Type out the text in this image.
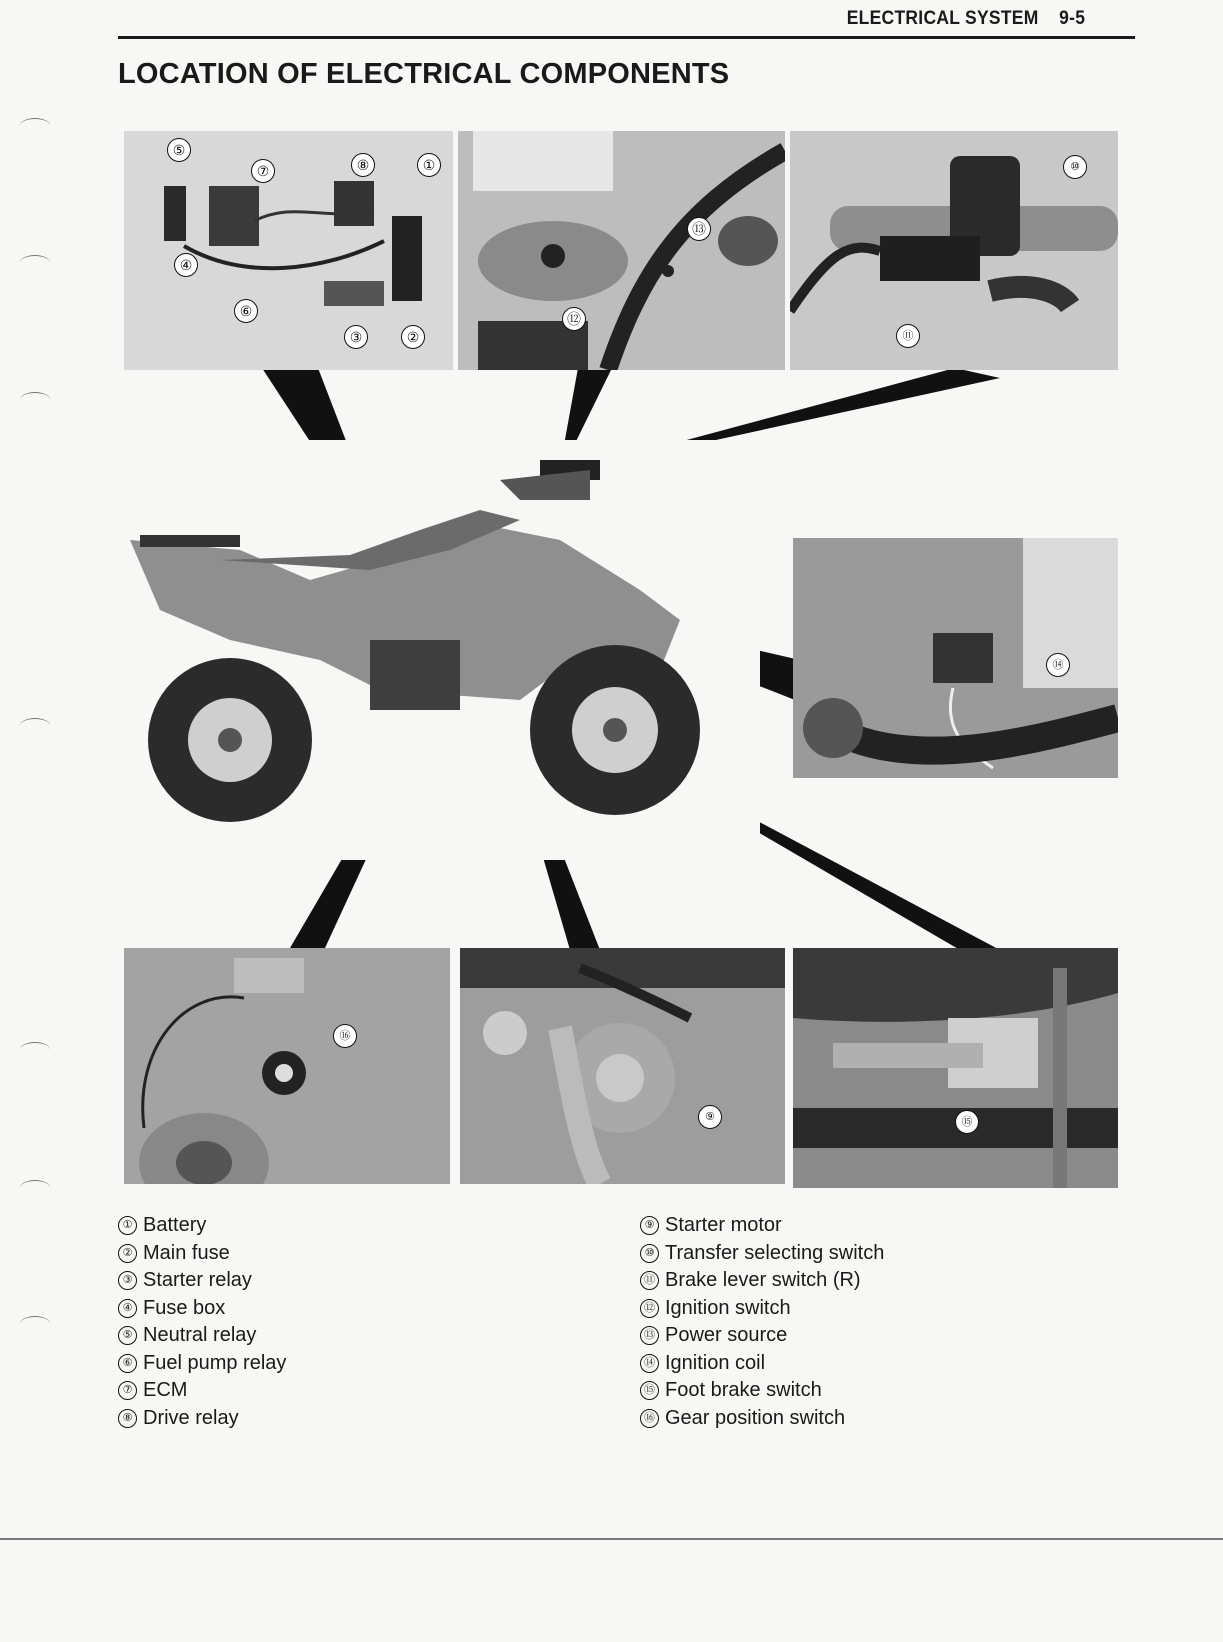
ELECTRICAL SYSTEM 9-5
LOCATION OF ELECTRICAL COMPONENTS
⑤
⑦	⑧	①
④
⑥
③	②
⑬
⑫
⑩
⑪
⑭
⑯
⑨	⑮
① Battery
② Main fuse
③ Starter relay
④ Fuse box
⑤ Neutral relay
⑥ Fuel pump relay
⑦ ECM
⑧ Drive relay
⑨ Starter motor
⑩ Transfer selecting switch
⑪ Brake lever switch (R)
⑫ Ignition switch
⑬ Power source
⑭ Ignition coil
⑮ Foot brake switch
⑯ Gear position switch
